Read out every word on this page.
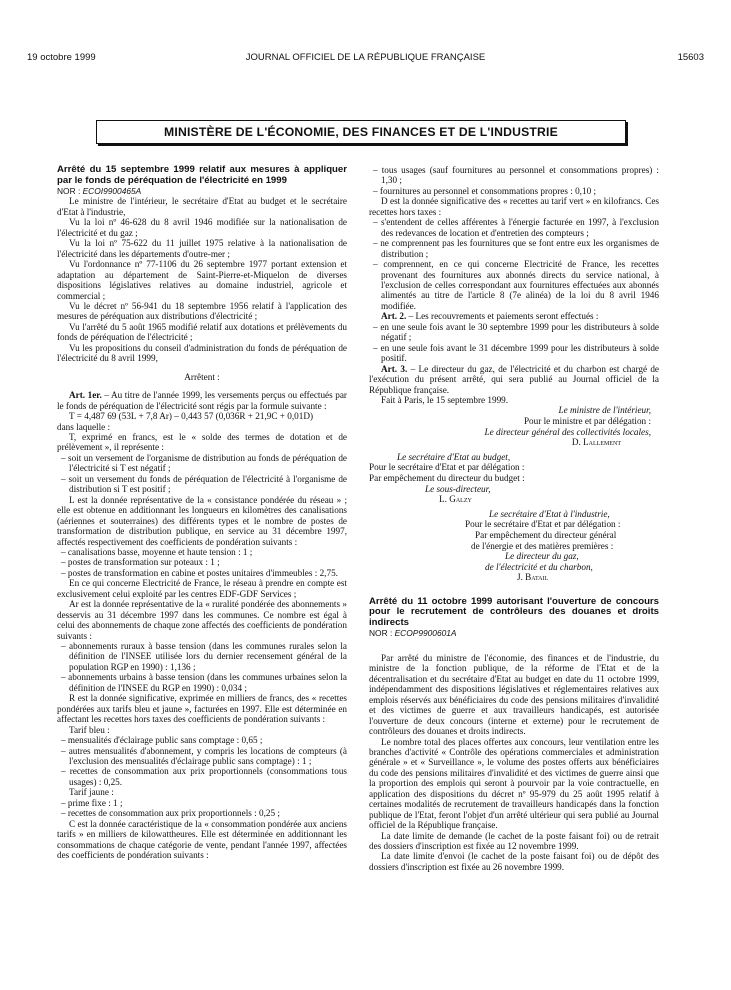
19 octobre 1999	JOURNAL OFFICIEL DE LA RÉPUBLIQUE FRANÇAISE	15603
MINISTÈRE DE L'ÉCONOMIE, DES FINANCES ET DE L'INDUSTRIE

Arrêté du 15 septembre 1999 relatif aux mesures à appliquer par le fonds de péréquation de l'électricité en 1999

NOR : ECOI9900465A

Le ministre de l'intérieur, le secrétaire d'Etat au budget et le secrétaire d'Etat à l'industrie,

Vu la loi nº 46-628 du 8 avril 1946 modifiée sur la nationalisation de l'électricité et du gaz ;

Vu la loi nº 75-622 du 11 juillet 1975 relative à la nationalisation de l'électricité dans les départements d'outre-mer ;

Vu l'ordonnance nº 77-1106 du 26 septembre 1977 portant extension et adaptation au département de Saint-Pierre-et-Miquelon de diverses dispositions législatives relatives au domaine industriel, agricole et commercial ;

Vu le décret nº 56-941 du 18 septembre 1956 relatif à l'application des mesures de péréquation aux distributions d'électricité ;

Vu l'arrêté du 5 août 1965 modifié relatif aux dotations et prélèvements du fonds de péréquation de l'électricité ;

Vu les propositions du conseil d'administration du fonds de péréquation de l'électricité du 8 avril 1999,

Arrêtent :

Art. 1er. – Au titre de l'année 1999, les versements perçus ou effectués par le fonds de péréquation de l'électricité sont régis par la formule suivante :

T = 4,487 69 (53L + 7,8 Ar) – 0,443 57 (0,036R + 21,9C + 0,01D)

dans laquelle :

T, exprimé en francs, est le « solde des termes de dotation et de prélèvement », il représente :

– soit un versement de l'organisme de distribution au fonds de péréquation de l'électricité si T est négatif ;

– soit un versement du fonds de péréquation de l'électricité à l'organisme de distribution si T est positif ;

L est la donnée représentative de la « consistance pondérée du réseau » ; elle est obtenue en additionnant les longueurs en kilomètres des canalisations (aériennes et souterraines) des différents types et le nombre de postes de transformation de distribution publique, en service au 31 décembre 1997, affectés respectivement des coefficients de pondération suivants :

– canalisations basse, moyenne et haute tension : 1 ;

– postes de transformation sur poteaux : 1 ;

– postes de transformation en cabine et postes unitaires d'immeubles : 2,75.

En ce qui concerne Electricité de France, le réseau à prendre en compte est exclusivement celui exploité par les centres EDF-GDF Services ;

Ar est la donnée représentative de la « ruralité pondérée des abonnements » desservis au 31 décembre 1997 dans les communes. Ce nombre est égal à celui des abonnements de chaque zone affectés des coefficients de pondération suivants :

– abonnements ruraux à basse tension (dans les communes rurales selon la définition de l'INSEE utilisée lors du dernier recensement général de la population RGP en 1990) : 1,136 ;

– abonnements urbains à basse tension (dans les communes urbaines selon la définition de l'INSEE du RGP en 1990) : 0,034 ;

R est la donnée significative, exprimée en milliers de francs, des « recettes pondérées aux tarifs bleu et jaune », facturées en 1997. Elle est déterminée en affectant les recettes hors taxes des coefficients de pondération suivants :

Tarif bleu :

– mensualités d'éclairage public sans comptage : 0,65 ;

– autres mensualités d'abonnement, y compris les locations de compteurs (à l'exclusion des mensualités d'éclairage public sans comptage) : 1 ;

– recettes de consommation aux prix proportionnels (consommations tous usages) : 0,25.

Tarif jaune :

– prime fixe : 1 ;

– recettes de consommation aux prix proportionnels : 0,25 ;

C est la donnée caractéristique de la « consommation pondérée aux anciens tarifs » en milliers de kilowattheures. Elle est déterminée en additionnant les consommations de chaque catégorie de vente, pendant l'année 1997, affectées des coefficients de pondération suivants :

– tous usages (sauf fournitures au personnel et consommations propres) : 1,30 ;

– fournitures au personnel et consommations propres : 0,10 ;

D est la donnée significative des « recettes au tarif vert » en kilofrancs. Ces recettes hors taxes :

– s'entendent de celles afférentes à l'énergie facturée en 1997, à l'exclusion des redevances de location et d'entretien des compteurs ;

– ne comprennent pas les fournitures que se font entre eux les organismes de distribution ;

– comprennent, en ce qui concerne Electricité de France, les recettes provenant des fournitures aux abonnés directs du service national, à l'exclusion de celles correspondant aux fournitures effectuées aux abonnés alimentés au titre de l'article 8 (7e alinéa) de la loi du 8 avril 1946 modifiée.

Art. 2. – Les recouvrements et paiements seront effectués :

– en une seule fois avant le 30 septembre 1999 pour les distributeurs à solde négatif ;

– en une seule fois avant le 31 décembre 1999 pour les distributeurs à solde positif.

Art. 3. – Le directeur du gaz, de l'électricité et du charbon est chargé de l'exécution du présent arrêté, qui sera publié au Journal officiel de la République française.

Fait à Paris, le 15 septembre 1999.

Le ministre de l'intérieur,

Pour le ministre et par délégation :

Le directeur général des collectivités locales,

D. Lallement

Le secrétaire d'Etat au budget,

Pour le secrétaire d'Etat et par délégation :

Par empêchement du directeur du budget :

Le sous-directeur,

L. Galzy

Le secrétaire d'Etat à l'industrie,

Pour le secrétaire d'Etat et par délégation :

Par empêchement du directeur général

de l'énergie et des matières premières :

Le directeur du gaz,

de l'électricité et du charbon,

J. Batail

Arrêté du 11 octobre 1999 autorisant l'ouverture de concours pour le recrutement de contrôleurs des douanes et droits indirects

NOR : ECOP9900601A

Par arrêté du ministre de l'économie, des finances et de l'industrie, du ministre de la fonction publique, de la réforme de l'Etat et de la décentralisation et du secrétaire d'Etat au budget en date du 11 octobre 1999, indépendamment des dispositions législatives et réglementaires relatives aux emplois réservés aux bénéficiaires du code des pensions militaires d'invalidité et des victimes de guerre et aux travailleurs handicapés, est autorisée l'ouverture de deux concours (interne et externe) pour le recrutement de contrôleurs des douanes et droits indirects.

Le nombre total des places offertes aux concours, leur ventilation entre les branches d'activité « Contrôle des opérations commerciales et administration générale » et « Surveillance », le volume des postes offerts aux bénéficiaires du code des pensions militaires d'invalidité et des victimes de guerre ainsi que la proportion des emplois qui seront à pourvoir par la voie contractuelle, en application des dispositions du décret nº 95-979 du 25 août 1995 relatif à certaines modalités de recrutement de travailleurs handicapés dans la fonction publique de l'Etat, feront l'objet d'un arrêté ultérieur qui sera publié au Journal officiel de la République française.

La date limite de demande (le cachet de la poste faisant foi) ou de retrait des dossiers d'inscription est fixée au 12 novembre 1999.

La date limite d'envoi (le cachet de la poste faisant foi) ou de dépôt des dossiers d'inscription est fixée au 26 novembre 1999.
